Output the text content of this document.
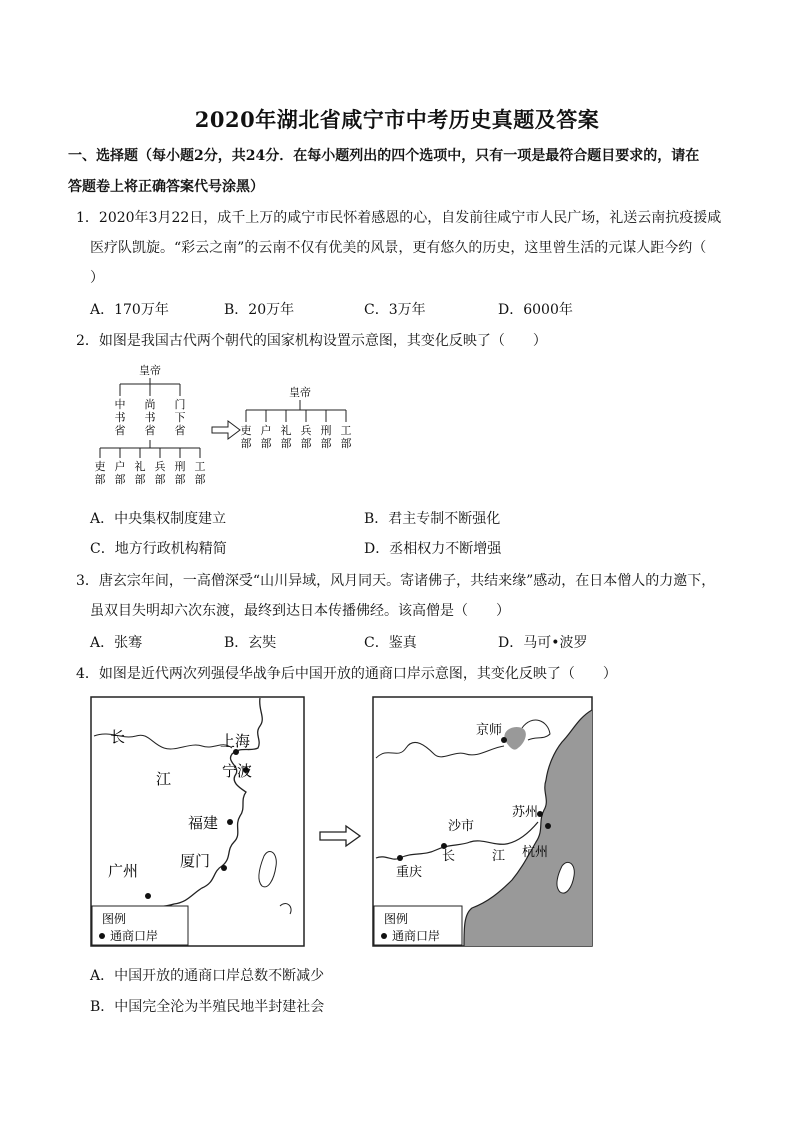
2020年湖北省咸宁市中考历史真题及答案
一、选择题（每小题2分，共24分．在每小题列出的四个选项中，只有一项是最符合题目要求的，请在
答题卷上将正确答案代号涂黑）
1．2020年3月22日，成千上万的咸宁市民怀着感恩的心，自发前往咸宁市人民广场，礼送云南抗疫援咸
医疗队凯旋。“彩云之南”的云南不仅有优美的风景，更有悠久的历史，这里曾生活的元谋人距今约（
）
A．170万年	B．20万年	C．3万年	D．6000年
2．如图是我国古代两个朝代的国家机构设置示意图，其变化反映了（　　）
皇帝
中书省
尚书省
门下省
吏部
户部
礼部
兵部
刑部
工部
皇帝
吏部
户部
礼部
兵部
刑部
工部
A．中央集权制度建立	B．君主专制不断强化
C．地方行政机构精简	D．丞相权力不断增强
3．唐玄宗年间，一高僧深受“山川异域，风月同天。寄诸佛子，共结来缘”感动，在日本僧人的力邀下，
虽双目失明却六次东渡，最终到达日本传播佛经。该高僧是（　　）
A．张骞	B．玄奘	C．鉴真	D．马可•波罗
4．如图是近代两次列强侵华战争后中国开放的通商口岸示意图，其变化反映了（　　）
长
江
上海
宁波
福建
厦门
广州
图例
通商口岸
京师
苏州
沙市
长	江 杭州
重庆
图例
通商口岸
A．中国开放的通商口岸总数不断减少
B．中国完全沦为半殖民地半封建社会
